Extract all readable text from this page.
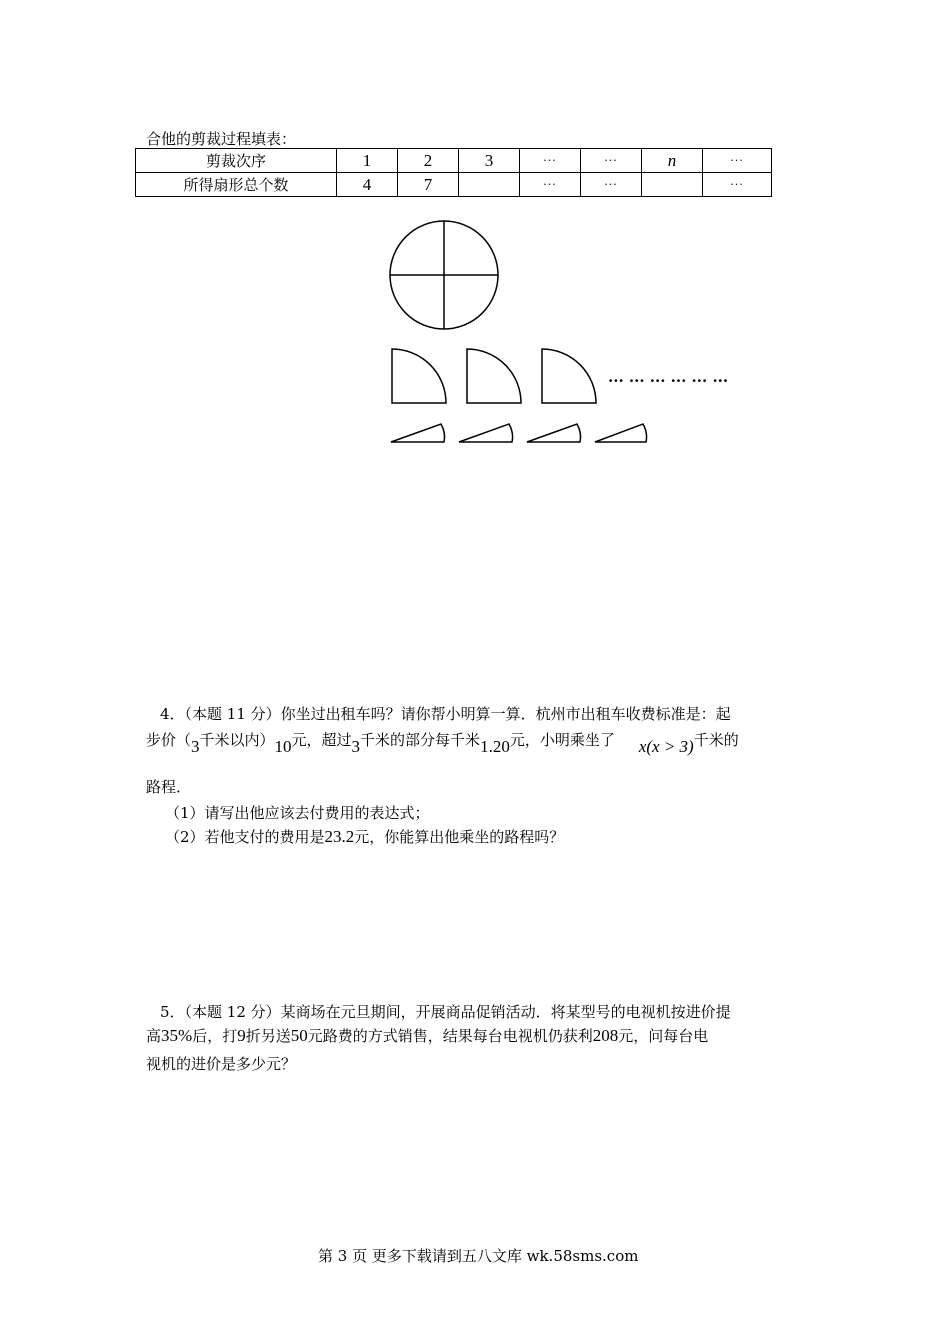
合他的剪裁过程填表：
剪裁次序	1	2	3	···	···	n	···
所得扇形总个数	4	7		···	···		···
··· ··· ··· ··· ··· ···
4．（本题 11 分）你坐过出租车吗？请你帮小明算一算．杭州市出租车收费标准是：起
步价（3千米以内）10元，超过3千米的部分每千米1.20元，小明乘坐了 x(x > 3)千米的
路程．
（1）请写出他应该去付费用的表达式；
（2）若他支付的费用是23.2元，你能算出他乘坐的路程吗？
5．（本题 12 分）某商场在元旦期间，开展商品促销活动．将某型号的电视机按进价提
高35%后，打9折另送50元路费的方式销售，结果每台电视机仍获利208元，问每台电
视机的进价是多少元？
第 3 页 更多下载请到五八文库 wk.58sms.com
